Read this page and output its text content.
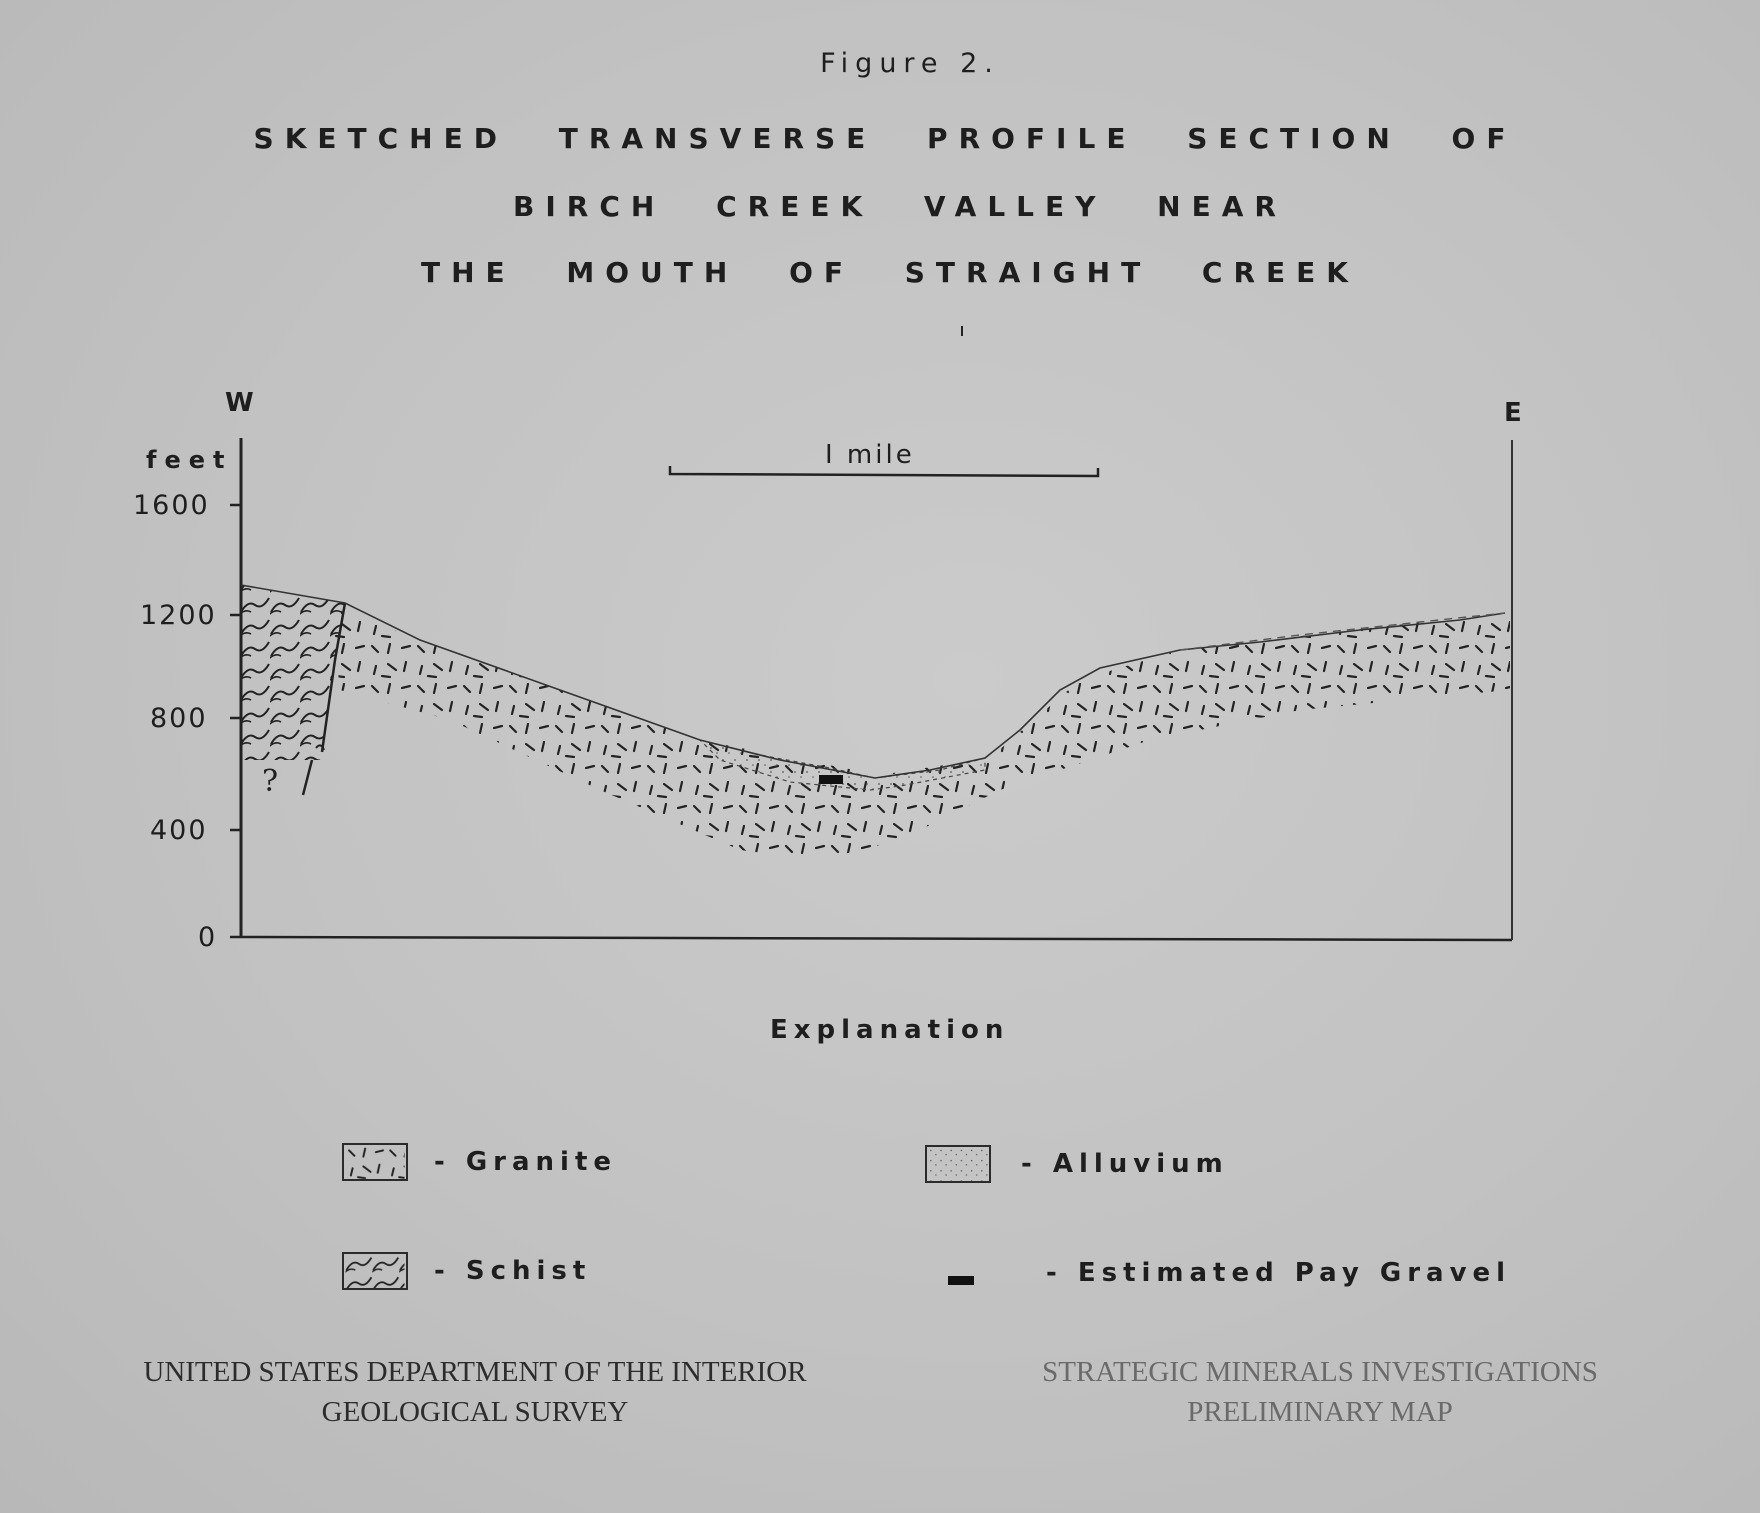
Figure 2.
SKETCHED TRANSVERSE PROFILE SECTION OF
BIRCH CREEK VALLEY NEAR
THE MOUTH OF STRAIGHT CREEK
W	E
feet
1600
1200
800
400
0
I mile
?
Explanation
- Granite	- Alluvium
- Schist	- Estimated Pay Gravel
UNITED STATES DEPARTMENT OF THE INTERIOR
GEOLOGICAL SURVEY
STRATEGIC MINERALS INVESTIGATIONS
PRELIMINARY MAP
